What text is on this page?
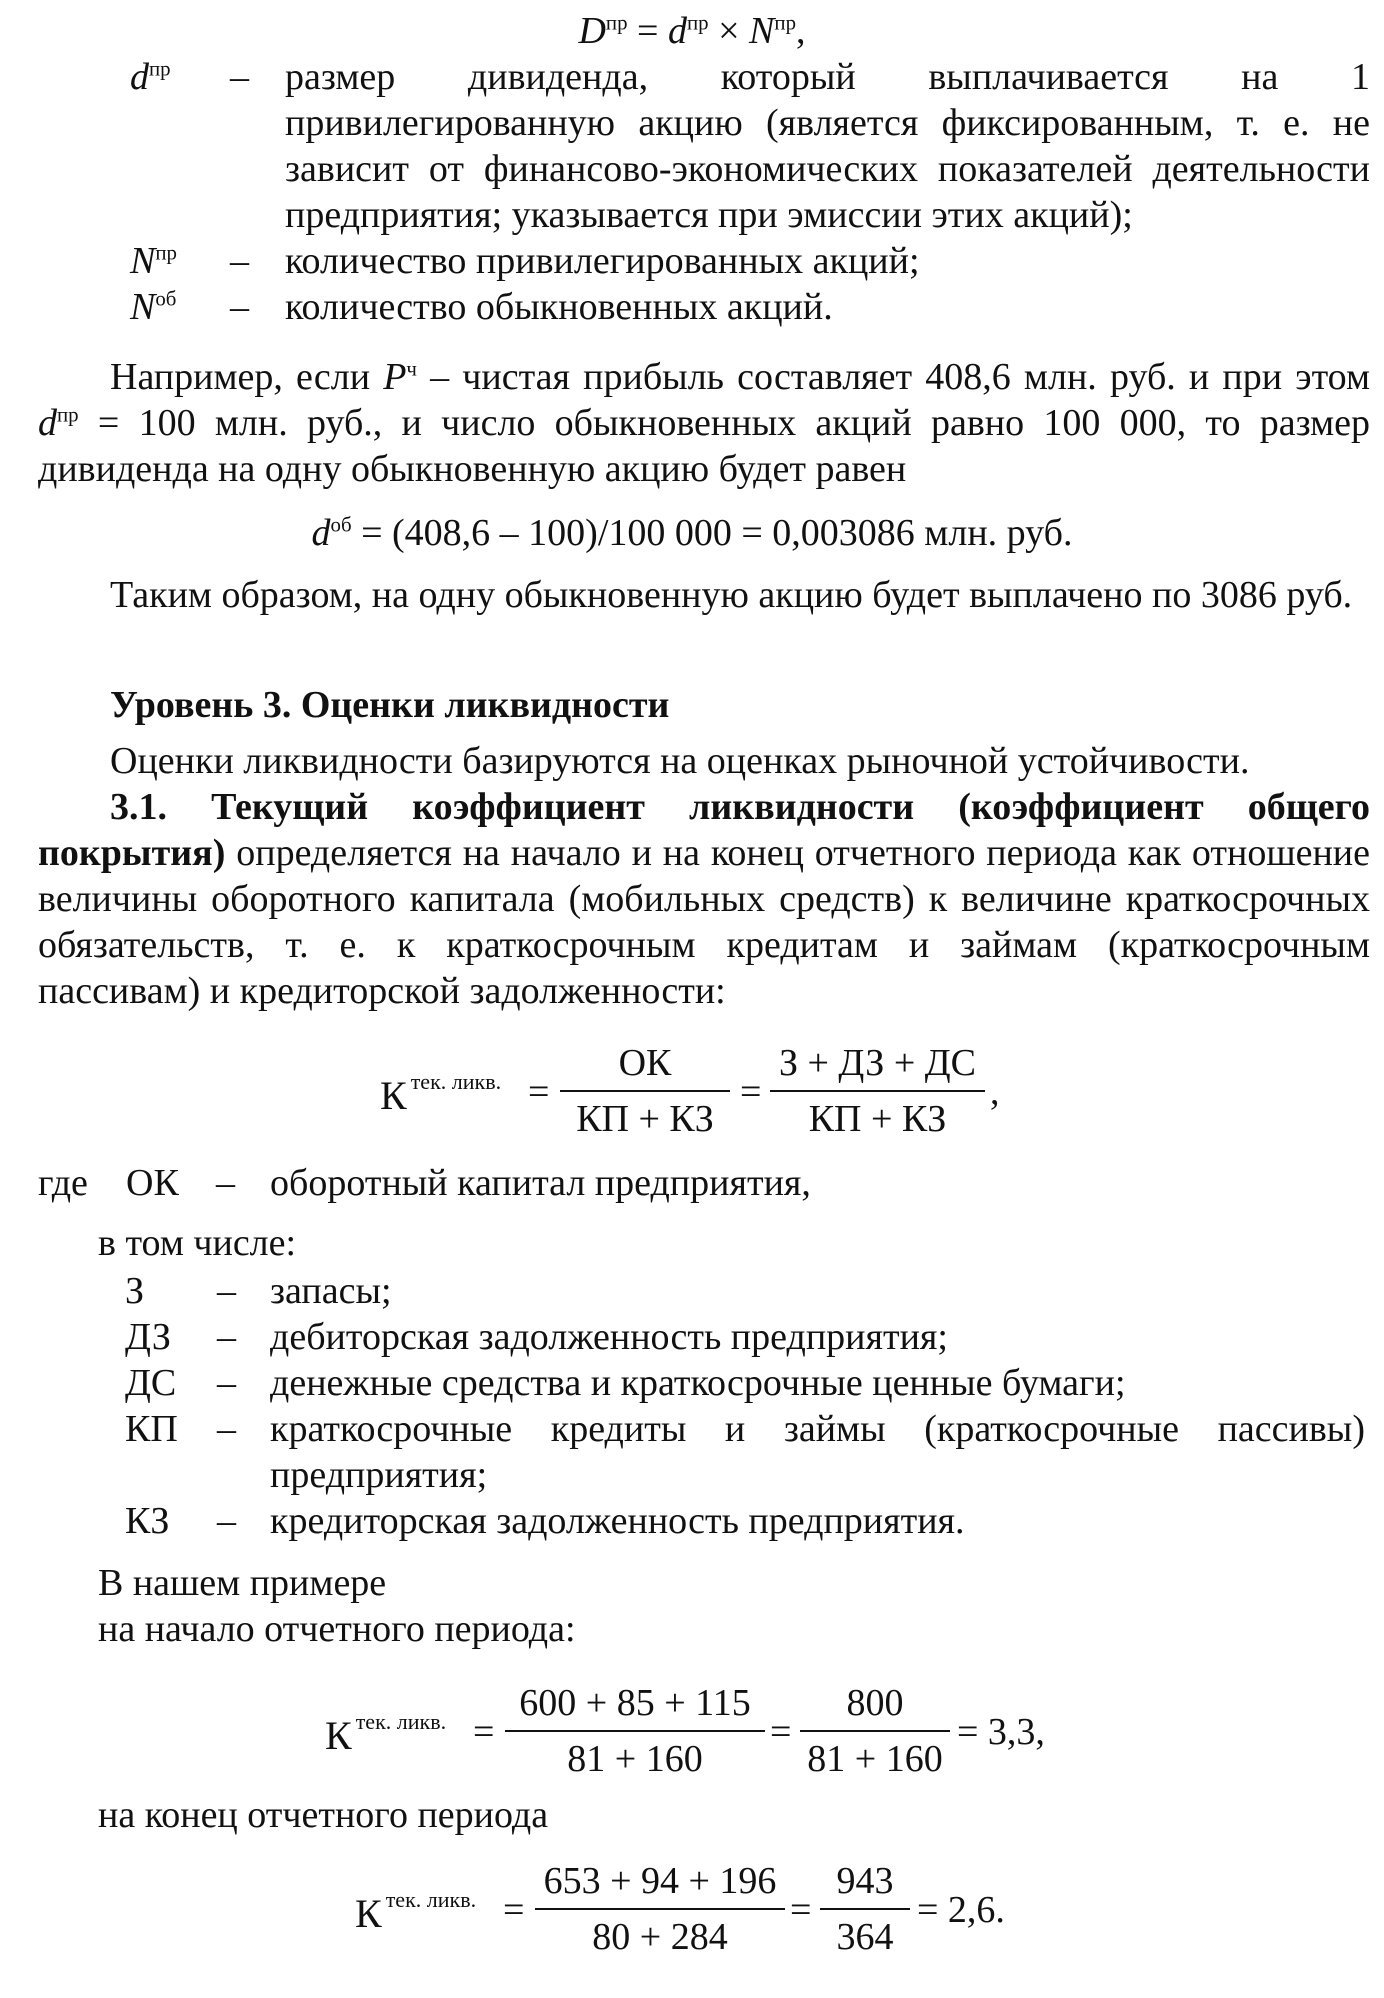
$D^{пр} = d^{пр} \times N^{пр}$,
$d^{пр}$ – размер дивиденда, который выплачивается на 1 привилегированную акцию (является фиксированным, т. е. не зависит от финансово-экономических показателей деятельности предприятия; указывается при эмиссии этих акций);
$N^{пр}$ – количество привилегированных акций;
$N^{об}$ – количество обыкновенных акций.

Например, если $P^ч$ – чистая прибыль составляет 408,6 млн. руб. и при этом $d^{пр} = 100$ млн. руб., и число обыкновенных акций равно 100 000, то размер дивиденда на одну обыкновенную акцию будет равен

$d^{об} = (408,6 - 100)/100$ 000 = 0,003086 млн. руб.

Таким образом, на одну обыкновенную акцию будет выплачено по 3086 руб.

Уровень 3. Оценки ликвидности

Оценки ликвидности базируются на оценках рыночной устойчивости.

3.1. Текущий коэффициент ликвидности (коэффициент общего покрытия) определяется на начало и на конец отчетного периода как отношение величины оборотного капитала (мобильных средств) к величине краткосрочных обязательств, т. е. к краткосрочным кредитам и займам (краткосрочным пассивам) и кредиторской задолженности:

К $^{тек. ликв.}$ =
ОК
КП + КЗ
=
З + ДЗ + ДС
КП + КЗ
,
где ОК – оборотный капитал предприятия,

в том числе:

З – запасы;
ДЗ – дебиторская задолженность предприятия;
ДС – денежные средства и краткосрочные ценные бумаги;
КП – краткосрочные кредиты и займы (краткосрочные пассивы) предприятия;
КЗ – кредиторская задолженность предприятия.

В нашем примере

на начало отчетного периода:

К $^{тек. ликв.}$ =
600 + 85 + 115
81 + 160
=
800
81 + 160
= 3,3,

на конец отчетного периода

К $^{тек. ликв.}$ =
653 + 94 + 196
80 + 284
=
943
364
= 2,6.
